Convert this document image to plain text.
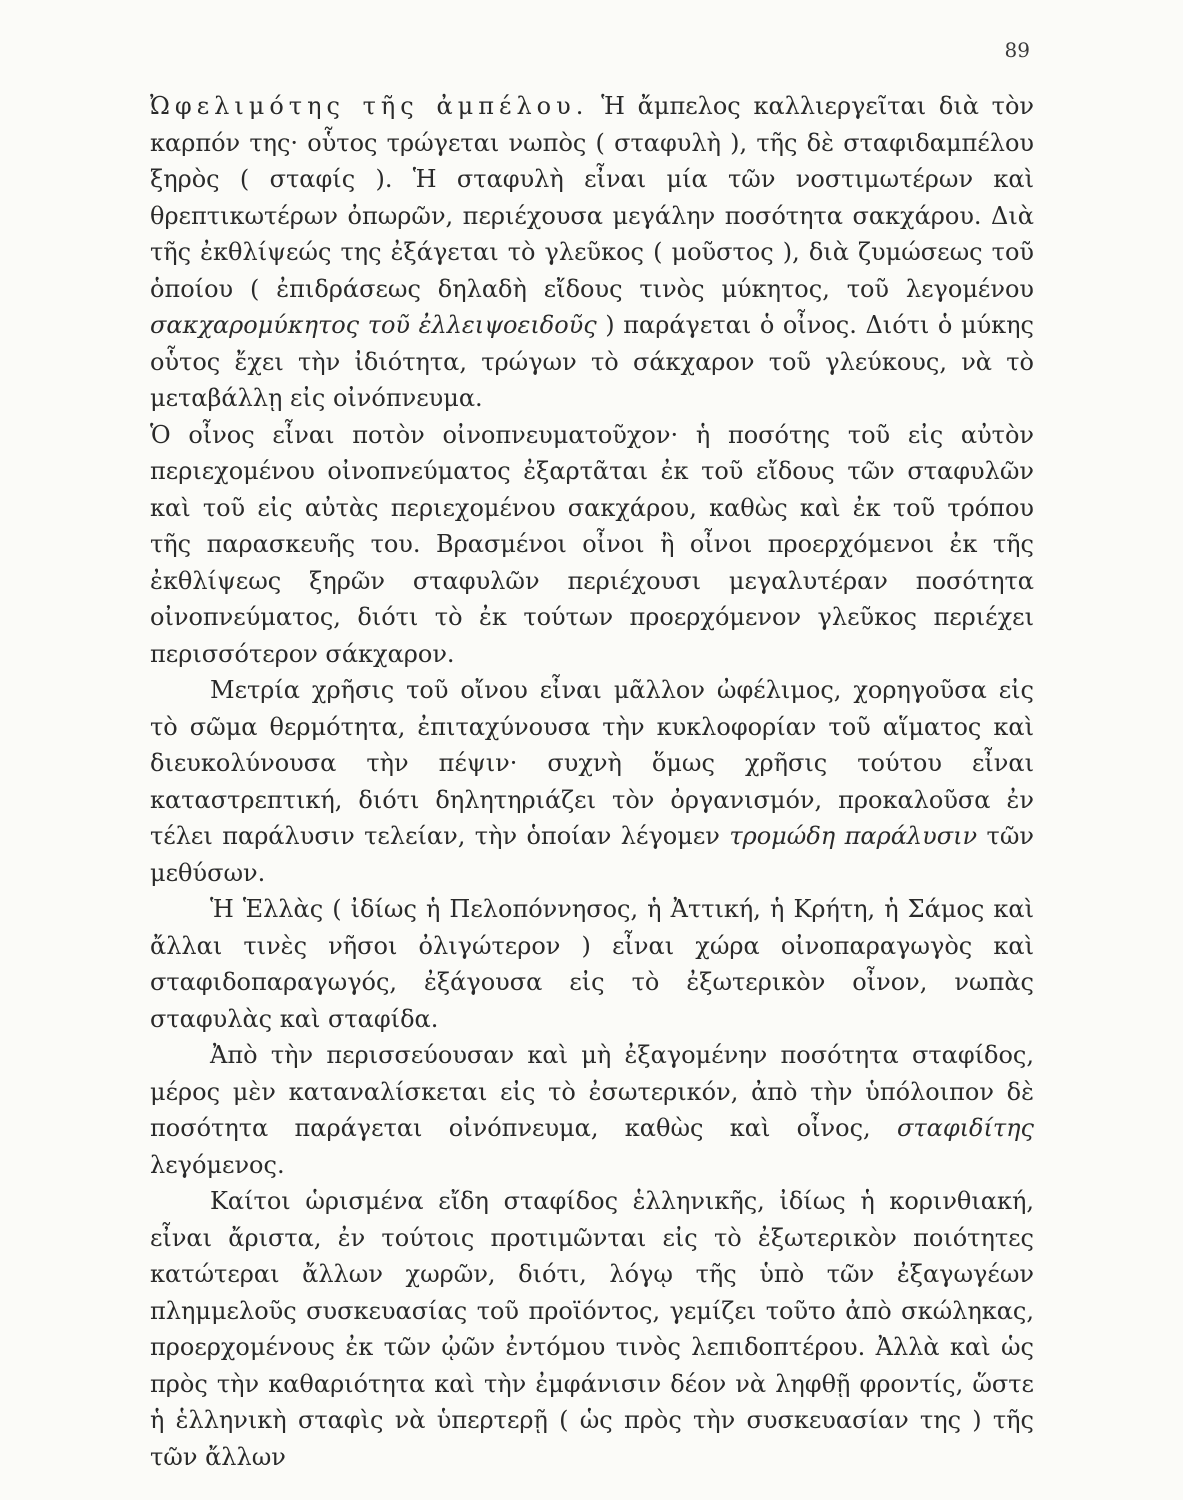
89

Ὠφελιμότης τῆς ἀμπέλου. Ἡ ἄμπελος καλλιεργεῖται διὰ τὸν καρπόν της· οὗτος τρώγεται νωπὸς ( σταφυλὴ ), τῆς δὲ σταφιδαμπέλου ξηρὸς ( σταφίς ). Ἡ σταφυλὴ εἶναι μία τῶν νοστιμωτέρων καὶ θρεπτικωτέρων ὀπωρῶν, περιέχουσα μεγάλην ποσότητα σακχάρου. Διὰ τῆς ἐκθλίψεώς της ἐξάγεται τὸ γλεῦκος ( μοῦστος ), διὰ ζυμώσεως τοῦ ὁποίου ( ἐπιδράσεως δηλαδὴ εἴδους τινὸς μύκητος, τοῦ λεγομένου σακχαρομύκητος τοῦ ἐλλειψοειδοῦς ) παράγεται ὁ οἶνος. Διότι ὁ μύκης οὗτος ἔχει τὴν ἰδιότητα, τρώγων τὸ σάκχαρον τοῦ γλεύκους, νὰ τὸ μεταβάλλῃ εἰς οἰνόπνευμα.

Ὁ οἶνος εἶναι ποτὸν οἰνοπνευματοῦχον· ἡ ποσότης τοῦ εἰς αὐτὸν περιεχομένου οἰνοπνεύματος ἐξαρτᾶται ἐκ τοῦ εἴδους τῶν σταφυλῶν καὶ τοῦ εἰς αὐτὰς περιεχομένου σακχάρου, καθὼς καὶ ἐκ τοῦ τρόπου τῆς παρασκευῆς του. Βρασμένοι οἶνοι ἢ οἶνοι προερχόμενοι ἐκ τῆς ἐκθλίψεως ξηρῶν σταφυλῶν περιέχουσι μεγαλυτέραν ποσότητα οἰνοπνεύματος, διότι τὸ ἐκ τούτων προερχόμενον γλεῦκος περιέχει περισσότερον σάκχαρον.

Μετρία χρῆσις τοῦ οἴνου εἶναι μᾶλλον ὠφέλιμος, χορηγοῦσα εἰς τὸ σῶμα θερμότητα, ἐπιταχύνουσα τὴν κυκλοφορίαν τοῦ αἵματος καὶ διευκολύνουσα τὴν πέψιν· συχνὴ ὅμως χρῆσις τούτου εἶναι καταστρεπτική, διότι δηλητηριάζει τὸν ὀργανισμόν, προκαλοῦσα ἐν τέλει παράλυσιν τελείαν, τὴν ὁποίαν λέγομεν τρομώδη παράλυσιν τῶν μεθύσων.

Ἡ Ἑλλὰς ( ἰδίως ἡ Πελοπόννησος, ἡ Ἀττική, ἡ Κρήτη, ἡ Σάμος καὶ ἄλλαι τινὲς νῆσοι ὀλιγώτερον ) εἶναι χώρα οἰνοπαραγωγὸς καὶ σταφιδοπαραγωγός, ἐξάγουσα εἰς τὸ ἐξωτερικὸν οἶνον, νωπὰς σταφυλὰς καὶ σταφίδα.

Ἀπὸ τὴν περισσεύουσαν καὶ μὴ ἐξαγομένην ποσότητα σταφίδος, μέρος μὲν καταναλίσκεται εἰς τὸ ἐσωτερικόν, ἀπὸ τὴν ὑπόλοιπον δὲ ποσότητα παράγεται οἰνόπνευμα, καθὼς καὶ οἶνος, σταφιδίτης λεγόμενος.

Καίτοι ὡρισμένα εἴδη σταφίδος ἑλληνικῆς, ἰδίως ἡ κορινθιακή, εἶναι ἄριστα, ἐν τούτοις προτιμῶνται εἰς τὸ ἐξωτερικὸν ποιότητες κατώτεραι ἄλλων χωρῶν, διότι, λόγῳ τῆς ὑπὸ τῶν ἐξαγωγέων πλημμελοῦς συσκευασίας τοῦ προϊόντος, γεμίζει τοῦτο ἀπὸ σκώληκας, προερχομένους ἐκ τῶν ᾠῶν ἐντόμου τινὸς λεπιδοπτέρου. Ἀλλὰ καὶ ὡς πρὸς τὴν καθαριότητα καὶ τὴν ἐμφάνισιν δέον νὰ ληφθῇ φροντίς, ὥστε ἡ ἑλληνικὴ σταφὶς νὰ ὑπερτερῇ ( ὡς πρὸς τὴν συσκευασίαν της ) τῆς τῶν ἄλλων
